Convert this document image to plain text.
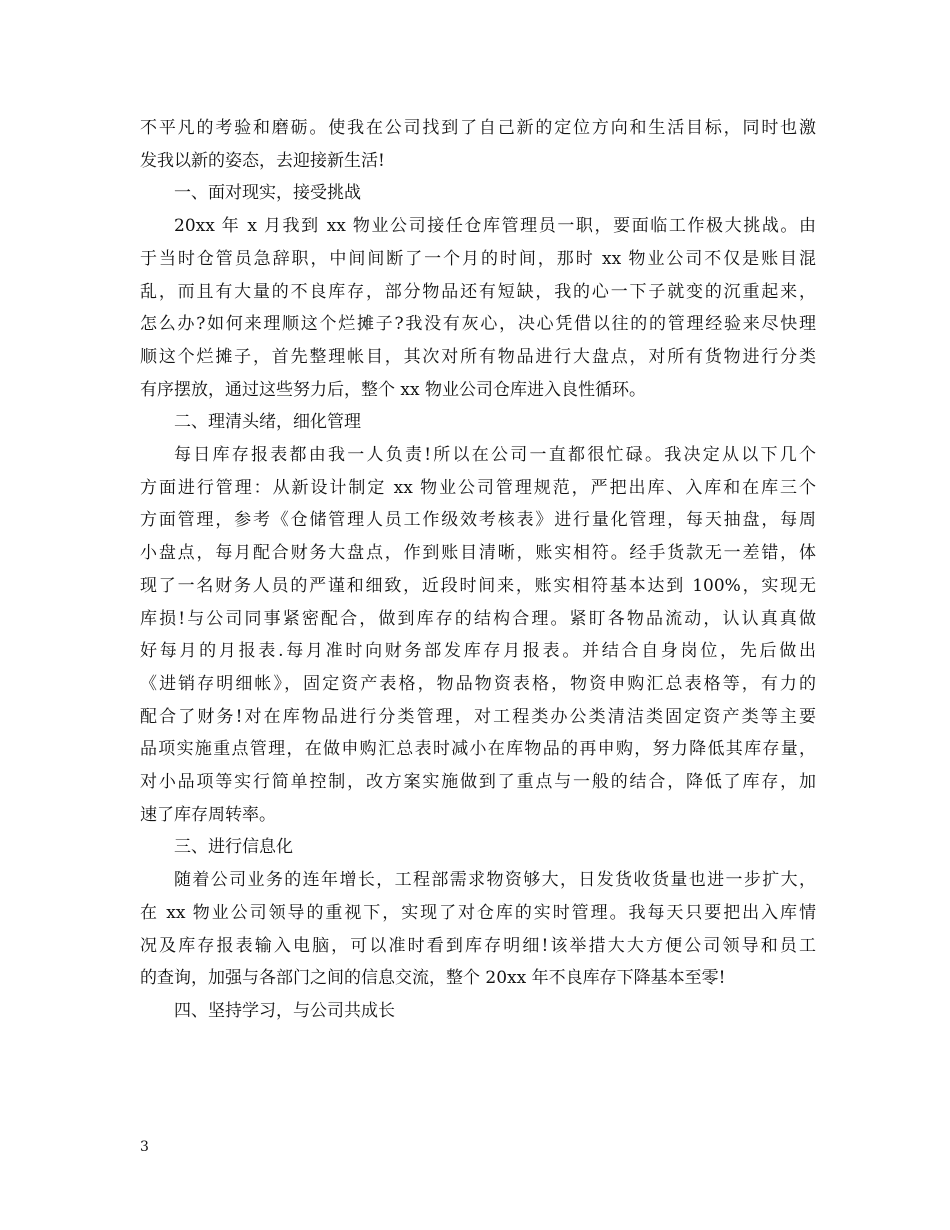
不平凡的考验和磨砺。使我在公司找到了自己新的定位方向和生活目标，同时也激
发我以新的姿态，去迎接新生活!
一、面对现实，接受挑战
20xx 年 x 月我到 xx 物业公司接任仓库管理员一职，要面临工作极大挑战。由
于当时仓管员急辞职，中间间断了一个月的时间，那时 xx 物业公司不仅是账目混
乱，而且有大量的不良库存，部分物品还有短缺，我的心一下子就变的沉重起来，
怎么办?如何来理顺这个烂摊子?我没有灰心，决心凭借以往的的管理经验来尽快理
顺这个烂摊子，首先整理帐目，其次对所有物品进行大盘点，对所有货物进行分类
有序摆放，通过这些努力后，整个 xx 物业公司仓库进入良性循环。
二、理清头绪，细化管理
每日库存报表都由我一人负责!所以在公司一直都很忙碌。我决定从以下几个
方面进行管理：从新设计制定 xx 物业公司管理规范，严把出库、入库和在库三个
方面管理，参考《仓储管理人员工作级效考核表》进行量化管理，每天抽盘，每周
小盘点，每月配合财务大盘点，作到账目清晰，账实相符。经手货款无一差错，体
现了一名财务人员的严谨和细致，近段时间来，账实相符基本达到 100%，实现无
库损!与公司同事紧密配合，做到库存的结构合理。紧盯各物品流动，认认真真做
好每月的月报表.每月准时向财务部发库存月报表。并结合自身岗位，先后做出
《进销存明细帐》，固定资产表格，物品物资表格，物资申购汇总表格等，有力的
配合了财务!对在库物品进行分类管理，对工程类办公类清洁类固定资产类等主要
品项实施重点管理，在做申购汇总表时减小在库物品的再申购，努力降低其库存量，
对小品项等实行简单控制，改方案实施做到了重点与一般的结合，降低了库存，加
速了库存周转率。
三、进行信息化
随着公司业务的连年增长，工程部需求物资够大，日发货收货量也进一步扩大，
在 xx 物业公司领导的重视下，实现了对仓库的实时管理。我每天只要把出入库情
况及库存报表输入电脑，可以准时看到库存明细!该举措大大方便公司领导和员工
的查询，加强与各部门之间的信息交流，整个 20xx 年不良库存下降基本至零!
四、坚持学习，与公司共成长
3
